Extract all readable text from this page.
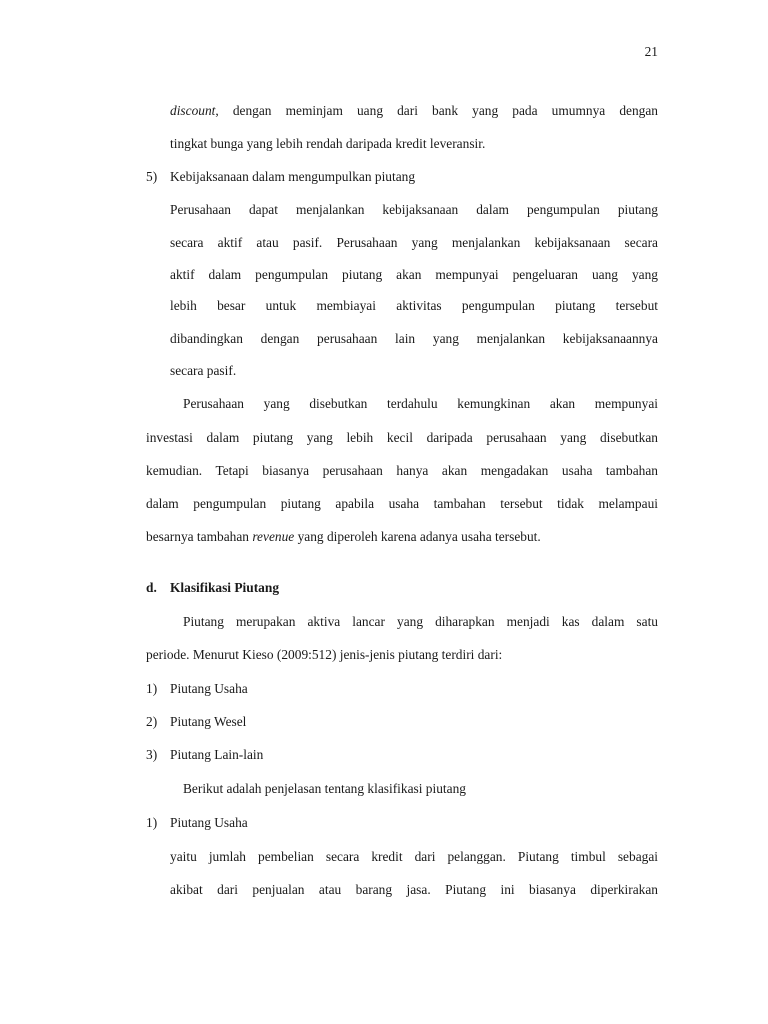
21
discount, dengan meminjam uang dari bank yang pada umumnya dengan
tingkat bunga yang lebih rendah daripada kredit leveransir.
5) Kebijaksanaan dalam mengumpulkan piutang
Perusahaan dapat menjalankan kebijaksanaan dalam pengumpulan piutang
secara aktif atau pasif. Perusahaan yang menjalankan kebijaksanaan secara
aktif dalam pengumpulan piutang akan mempunyai pengeluaran uang yang
lebih besar untuk membiayai aktivitas pengumpulan piutang tersebut
dibandingkan dengan perusahaan lain yang menjalankan kebijaksanaannya
secara pasif.
Perusahaan yang disebutkan terdahulu kemungkinan akan mempunyai
investasi dalam piutang yang lebih kecil daripada perusahaan yang disebutkan
kemudian. Tetapi biasanya perusahaan hanya akan mengadakan usaha tambahan
dalam pengumpulan piutang apabila usaha tambahan tersebut tidak melampaui
besarnya tambahan revenue yang diperoleh karena adanya usaha tersebut.
d. Klasifikasi Piutang
Piutang merupakan aktiva lancar yang diharapkan menjadi kas dalam satu
periode. Menurut Kieso (2009:512) jenis-jenis piutang terdiri dari:
1) Piutang Usaha
2) Piutang Wesel
3) Piutang Lain-lain
Berikut adalah penjelasan tentang klasifikasi piutang
1) Piutang Usaha
yaitu jumlah pembelian secara kredit dari pelanggan. Piutang timbul sebagai
akibat dari penjualan atau barang jasa. Piutang ini biasanya diperkirakan
